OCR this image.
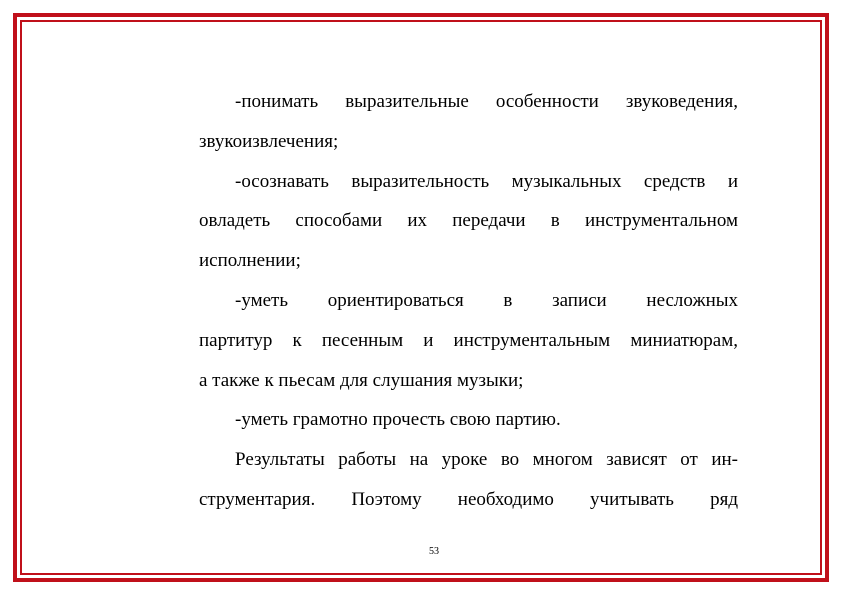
-понимать выразительные особенности звуковедения,
звукоизвлечения;
-осознавать выразительность музыкальных средств и
овладеть способами их передачи в инструментальном
исполнении;
-уметь ориентироваться в записи несложных
партитур к песенным и инструментальным миниатюрам,
а также к пьесам для слушания музыки;
-уметь грамотно прочесть свою партию.
Результаты работы на уроке во многом зависят от ин-
струментария. Поэтому необходимо учитывать ряд
53
